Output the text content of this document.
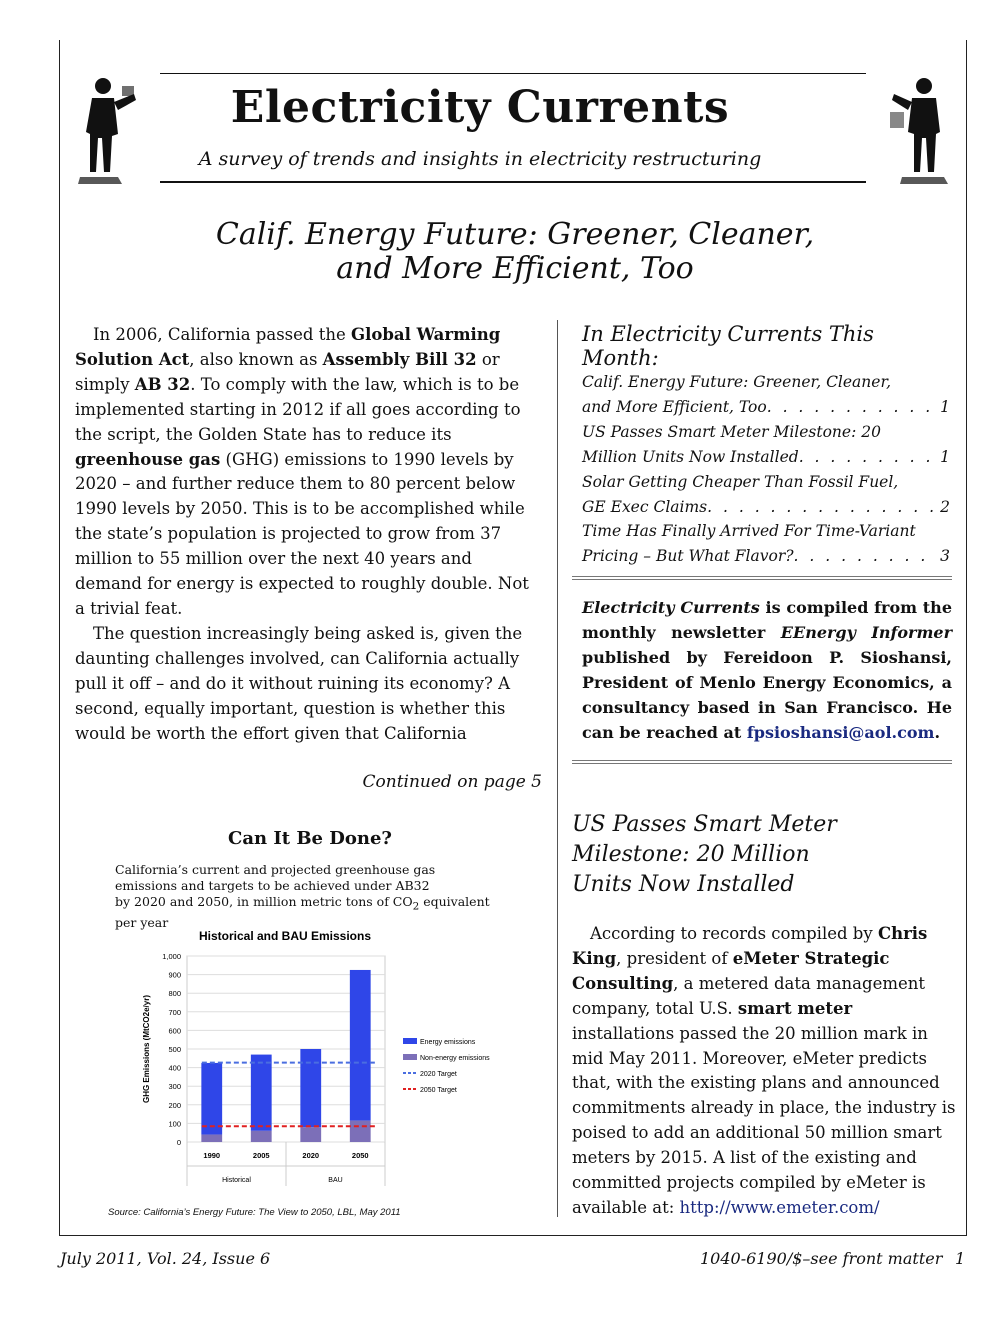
Electricity Currents
A survey of trends and insights in electricity restructuring
Calif. Energy Future: Greener, Cleaner,
and More Efficient, Too

In 2006, California passed the Global Warming Solution Act, also known as Assembly Bill 32 or simply AB 32. To comply with the law, which is to be implemented starting in 2012 if all goes according to the script, the Golden State has to reduce its greenhouse gas (GHG) emissions to 1990 levels by 2020 – and further reduce them to 80 percent below 1990 levels by 2050. This is to be accomplished while the state’s population is projected to grow from 37 million to 55 million over the next 40 years and demand for energy is expected to roughly double. Not a trivial feat.

The question increasingly being asked is, given the daunting challenges involved, can California actually pull it off – and do it without ruining its economy? A second, equally important, question is whether this would be worth the effort given that California

Continued on page 5
Can It Be Done?
California’s current and projected greenhouse gas
emissions and targets to be achieved under AB32
by 2020 and 2050, in million metric tons of $CO_2$ equivalent per year
Historical and BAU Emissions
0
100
200
300
400
500
600
700
800
900
1,000
GHG Emissions (MtCO2e/yr)
1990	2005	2020	2050
Historical	BAU
Energy emissions
Non-energy emissions
2020 Target
2050 Target
Source: California’s Energy Future: The View to 2050, LBL, May 2011
In Electricity Currents This Month:
Calif. Energy Future: Greener, Cleaner,
and More Efficient, Too . . .	1
US Passes Smart Meter Milestone: 20
Million Units Now Installed . . .	1
Solar Getting Cheaper Than Fossil Fuel,
GE Exec Claims . . .	2
Time Has Finally Arrived For Time-Variant
Pricing – But What Flavor? . . .	3
Electricity Currents is compiled from the monthly newsletter EEnergy Informer published by Fereidoon P. Sioshansi, President of Menlo Energy Economics, a consultancy based in San Francisco. He can be reached at fpsioshansi@aol.com.
US Passes Smart Meter
Milestone: 20 Million
Units Now Installed

According to records compiled by Chris King, president of eMeter Strategic Consulting, a metered data management company, total U.S. smart meter installations passed the 20 million mark in mid May 2011. Moreover, eMeter predicts that, with the existing plans and announced commitments already in place, the industry is poised to add an additional 50 million smart meters by 2015. A list of the existing and committed projects compiled by eMeter is available at: http://www.emeter.com/

July 2011, Vol. 24, Issue 6	1040-6190/$–see front matter 1
